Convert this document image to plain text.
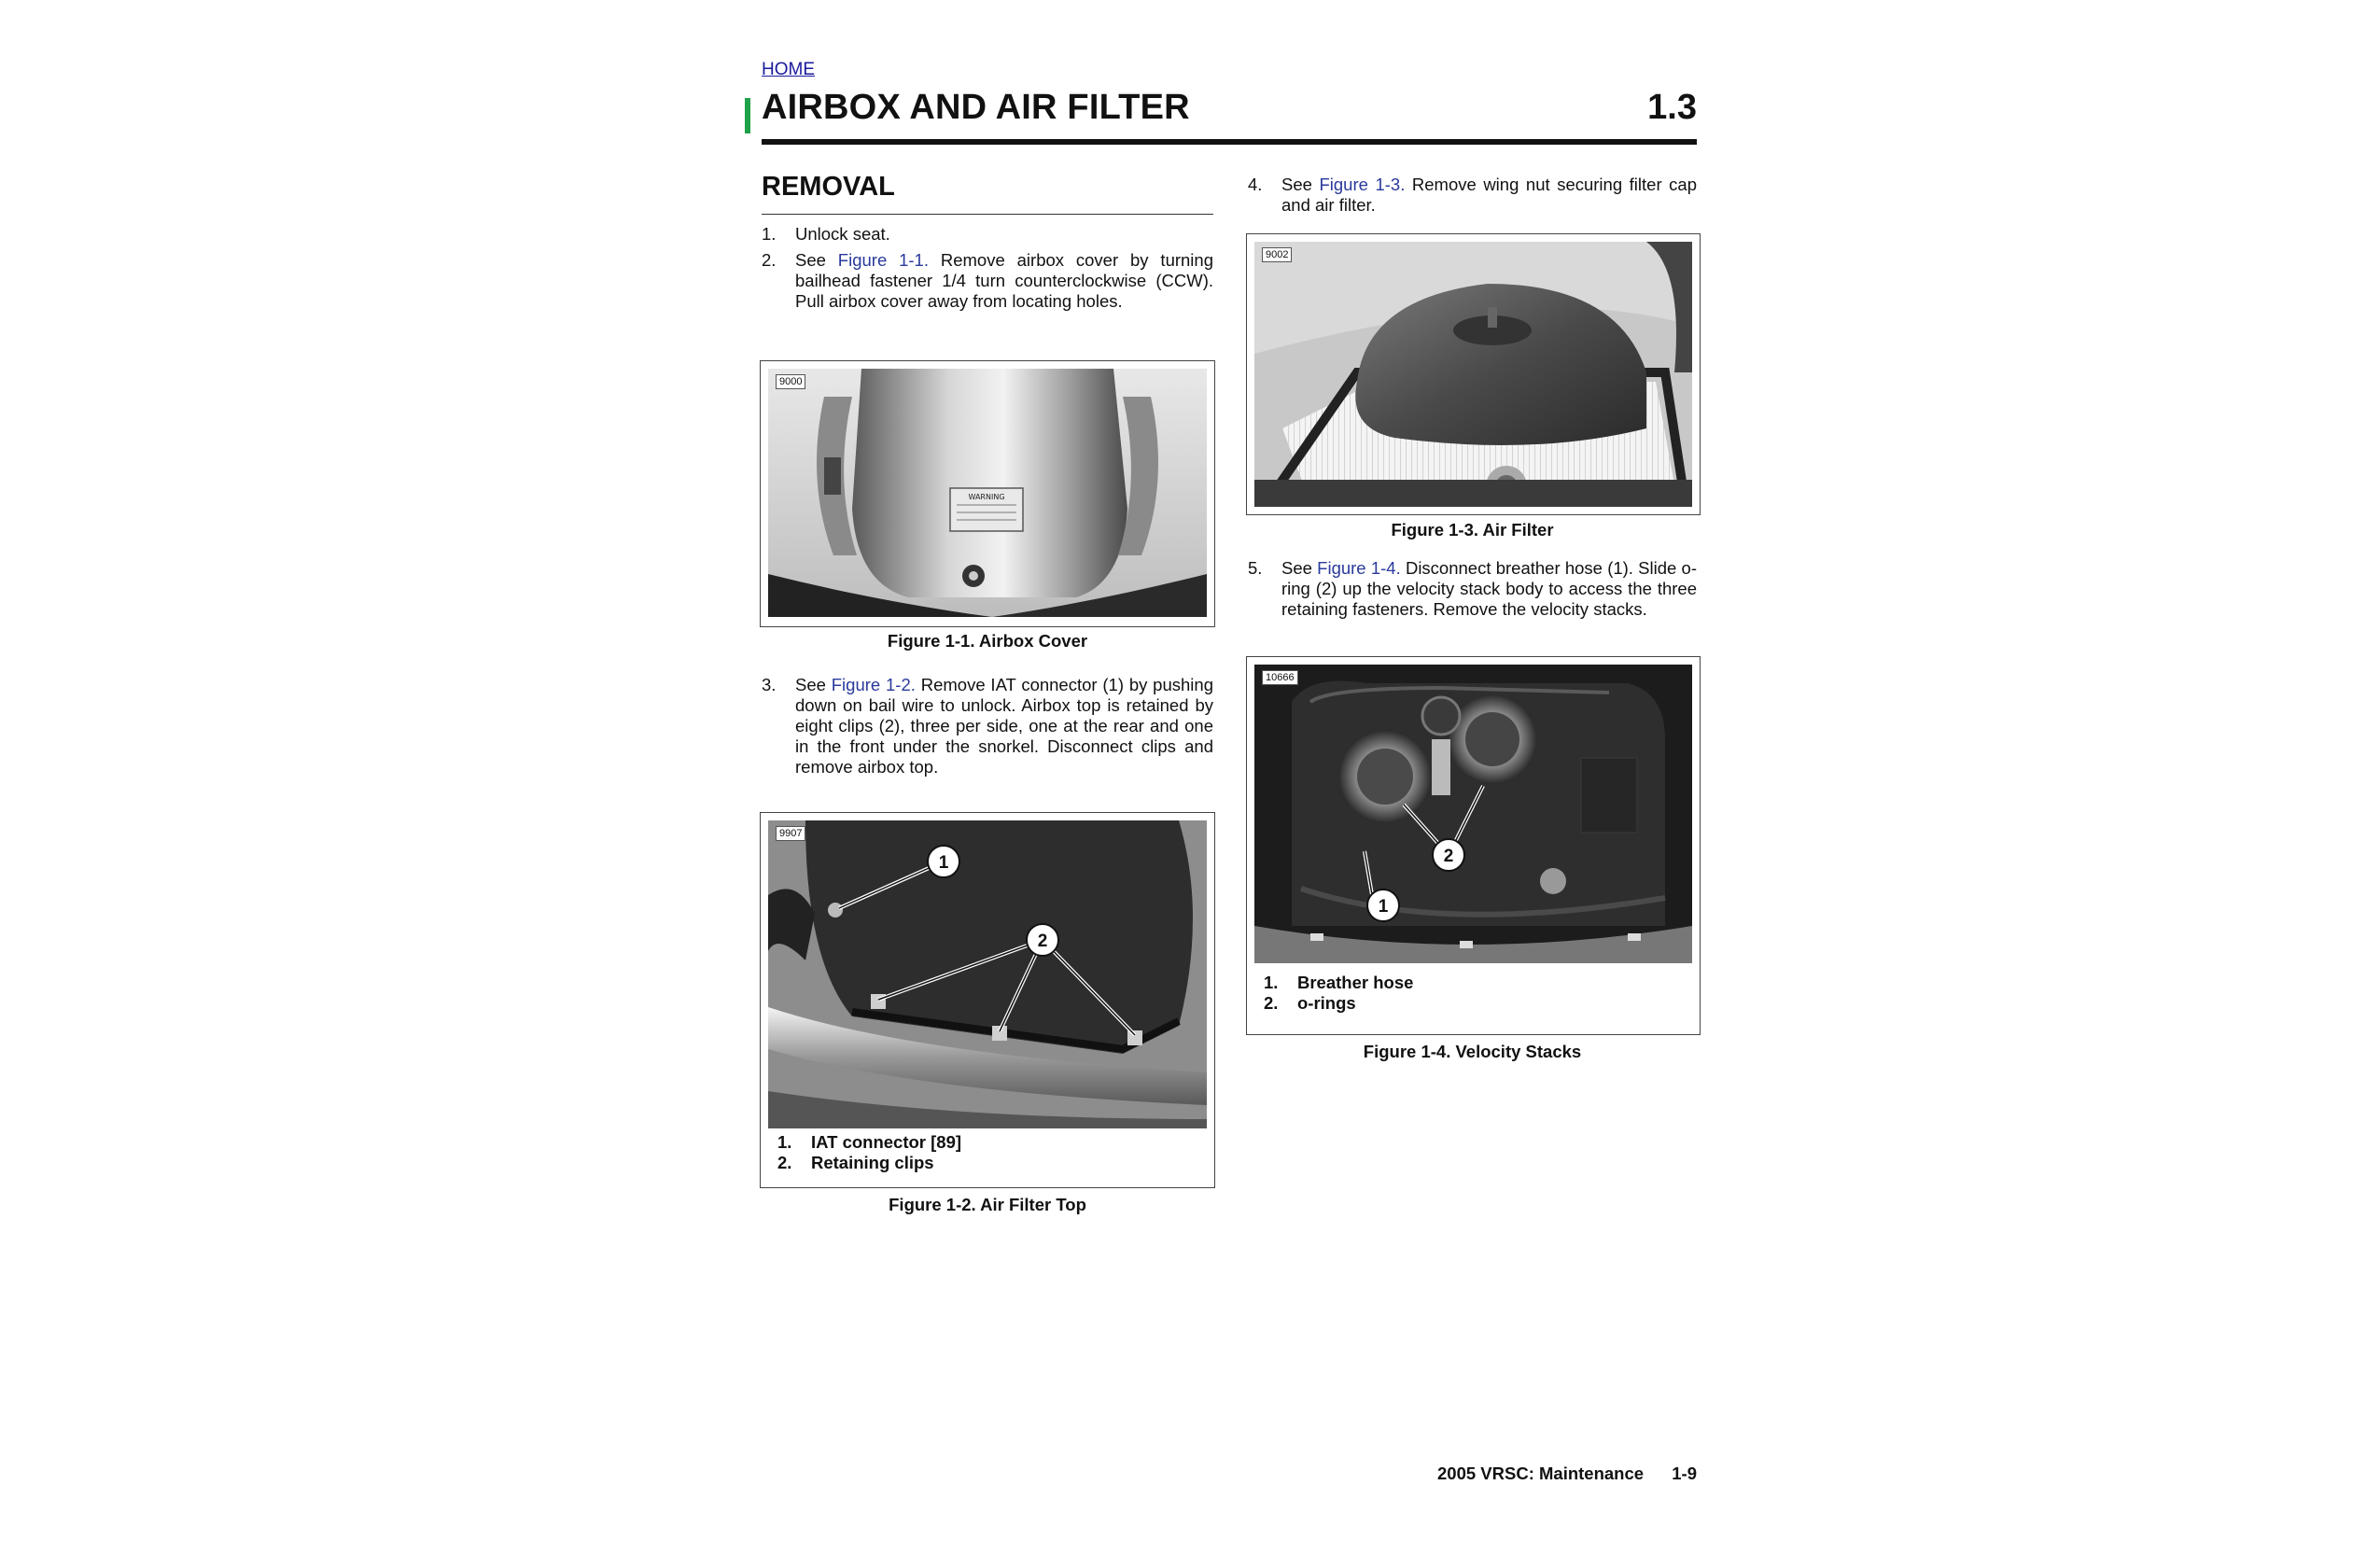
HOME
AIRBOX AND AIR FILTER	1.3
REMOVAL
1. Unlock seat.
2. See Figure 1-1. Remove airbox cover by turning bailhead fastener 1/4 turn counterclockwise (CCW). Pull airbox cover away from locating holes.
WARNING
9000
Figure 1-1. Airbox Cover
3. See Figure 1-2. Remove IAT connector (1) by pushing down on bail wire to unlock. Airbox top is retained by eight clips (2), three per side, one at the rear and one in the front under the snorkel. Disconnect clips and remove airbox top.
1
2
9907
1. IAT connector [89]
2. Retaining clips
Figure 1-2. Air Filter Top
4. See Figure 1-3. Remove wing nut securing filter cap and air filter.
9002
Figure 1-3. Air Filter
5. See Figure 1-4. Disconnect breather hose (1). Slide o-ring (2) up the velocity stack body to access the three retaining fasteners. Remove the velocity stacks.
2
1
10666
1. Breather hose
2. o-rings
Figure 1-4. Velocity Stacks
2005 VRSC: Maintenance	1-9
